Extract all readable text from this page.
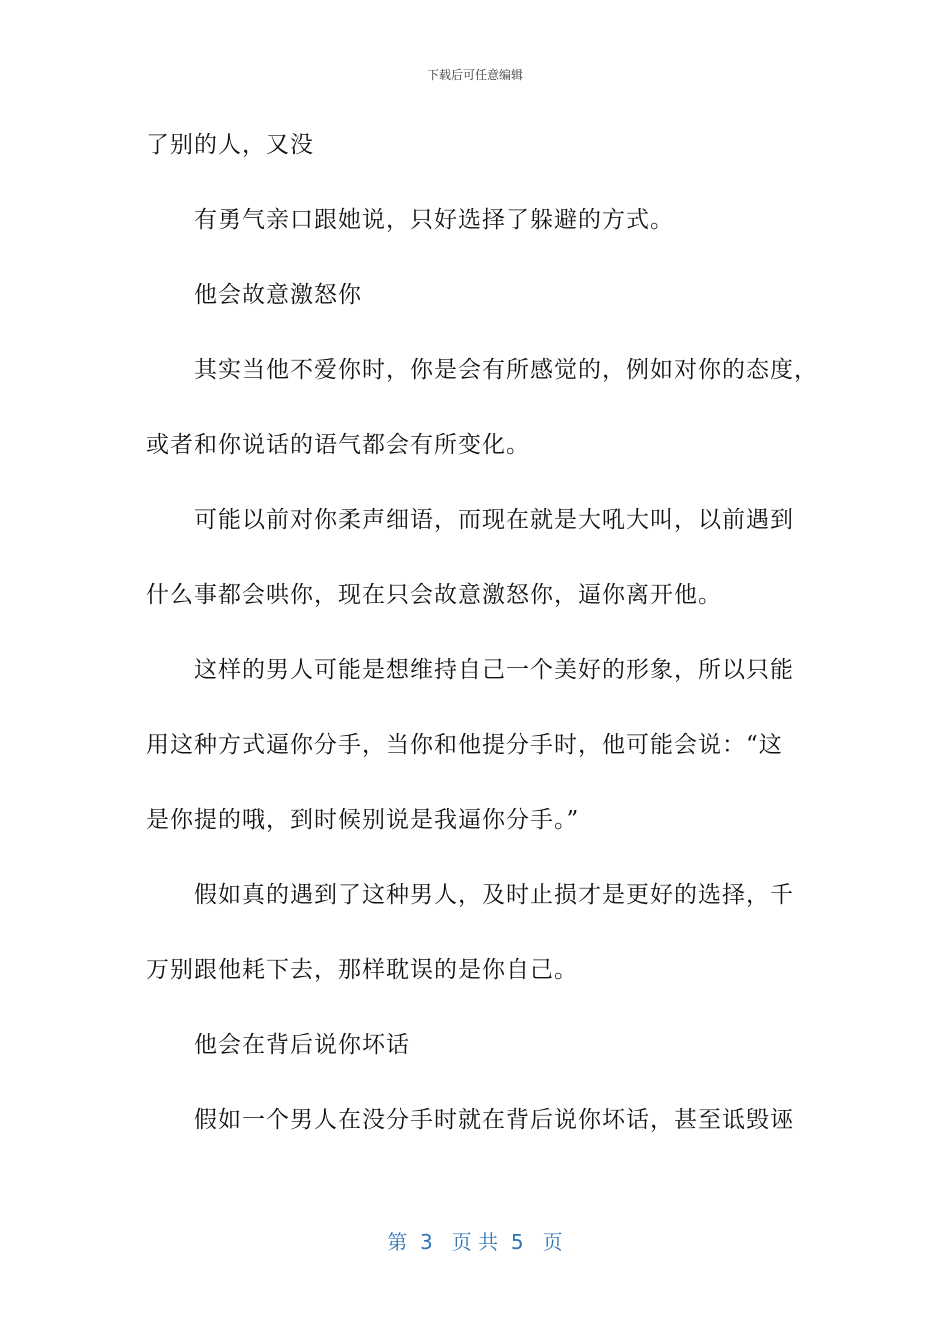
下载后可任意编辑
了别的人，又没
有勇气亲口跟她说，只好选择了躲避的方式。
他会故意激怒你
其实当他不爱你时，你是会有所感觉的，例如对你的态度，
或者和你说话的语气都会有所变化。
可能以前对你柔声细语，而现在就是大吼大叫，以前遇到
什么事都会哄你，现在只会故意激怒你，逼你离开他。
这样的男人可能是想维持自己一个美好的形象，所以只能
用这种方式逼你分手，当你和他提分手时，他可能会说：“这
是你提的哦，到时候别说是我逼你分手。”
假如真的遇到了这种男人，及时止损才是更好的选择，千
万别跟他耗下去，那样耽误的是你自己。
他会在背后说你坏话
假如一个男人在没分手时就在背后说你坏话，甚至诋毁诬
第  3   页 共  5   页
